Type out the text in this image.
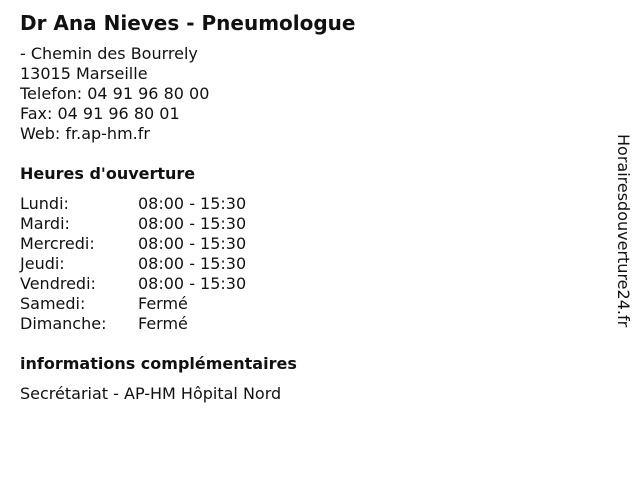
Dr Ana Nieves - Pneumologue
- Chemin des Bourrely
13015 Marseille
Telefon: 04 91 96 80 00
Fax: 04 91 96 80 01
Web: fr.ap-hm.fr
Heures d'ouverture
Lundi:	08:00 - 15:30
Mardi:	08:00 - 15:30
Mercredi:	08:00 - 15:30
Jeudi:	08:00 - 15:30
Vendredi:	08:00 - 15:30
Samedi:	Fermé
Dimanche: Fermé
informations complémentaires
Secrétariat - AP-HM Hôpital Nord
Horairesdouverture24.fr
